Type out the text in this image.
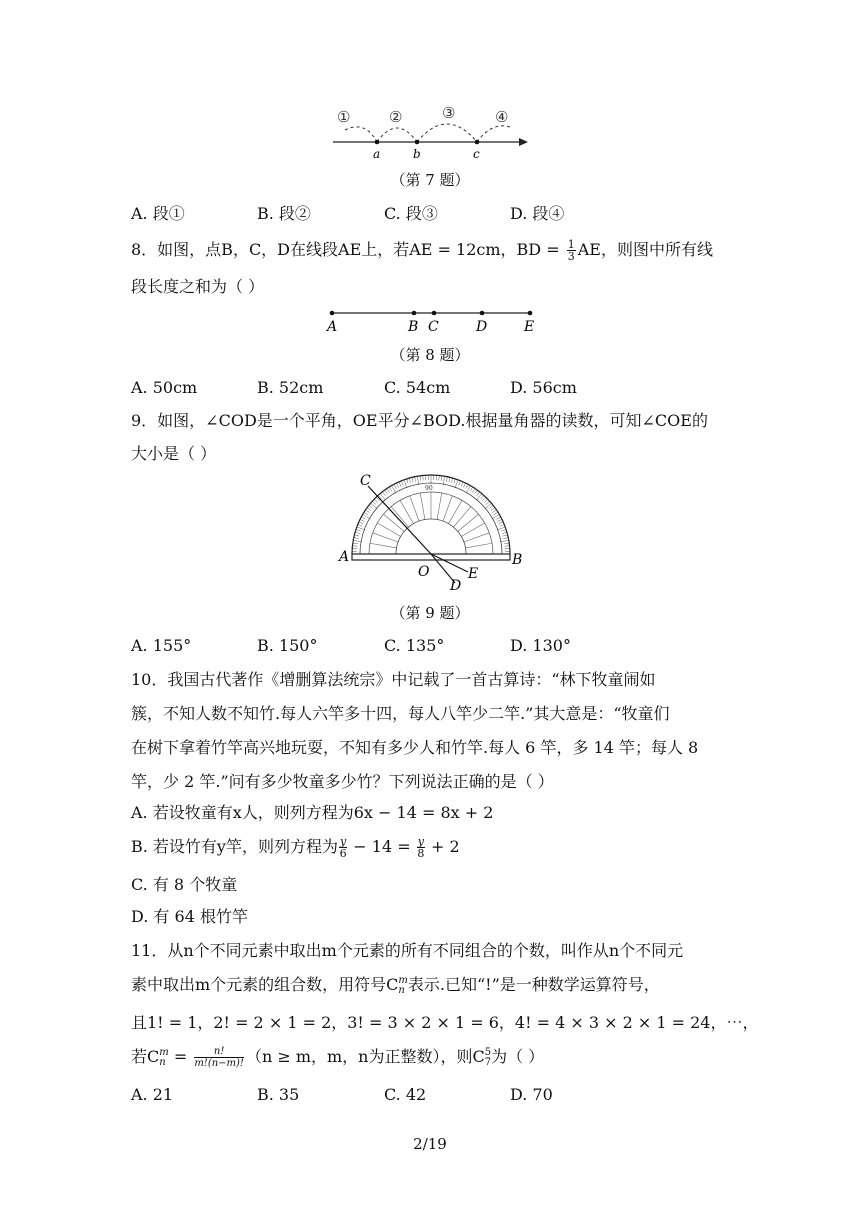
①	②	③	④
a	b	c
（第 7 题）
A. 段①	B. 段②	C. 段③	D. 段④
8．如图，点B，C，D在线段AE上，若AE = 12cm，BD = $\frac{1}{3}$ AE，则图中所有线
段长度之和为（ ）
A	B C	D	E
（第 8 题）
A. 50cm	B. 52cm	C. 54cm	D. 56cm
9．如图，∠COD是一个平角，OE平分∠BOD.根据量角器的读数，可知∠COE的
大小是（ ）
C
A	B
O	E
D
90
（第 9 题）
A. 155°	B. 150°	C. 135°	D. 130°
10．我国古代著作《增删算法统宗》中记载了一首古算诗：“林下牧童闹如
簇，不知人数不知竹.每人六竿多十四，每人八竿少二竿.”其大意是：“牧童们
在树下拿着竹竿高兴地玩耍，不知有多少人和竹竿.每人 6 竿，多 14 竿；每人 8
竿，少 2 竿.”问有多少牧童多少竹？下列说法正确的是（ ）
A. 若设牧童有x人，则列方程为6x − 14 = 8x + 2
B. 若设竹有y竿，则列方程为 $\frac{y}{6} - 14 = \frac{y}{8} + 2$
C. 有 8 个牧童
D. 有 64 根竹竿
11．从n个不同元素中取出m个元素的所有不同组合的个数，叫作从n个不同元
素中取出m个元素的组合数，用符号C m
n 表示.已知“!”是一种数学运算符号，
且1! = 1，2! = 2 × 1 = 2，3! = 3 × 2 × 1 = 6，4! = 4 × 3 × 2 × 1 = 24，⋯，
若C m
$n = \frac{n!}{m!(n-m)!} (n \ge m$，m，n为正整数），则C 5
7 为（ ）
A. 21	B. 35	C. 42	D. 70
2/19
